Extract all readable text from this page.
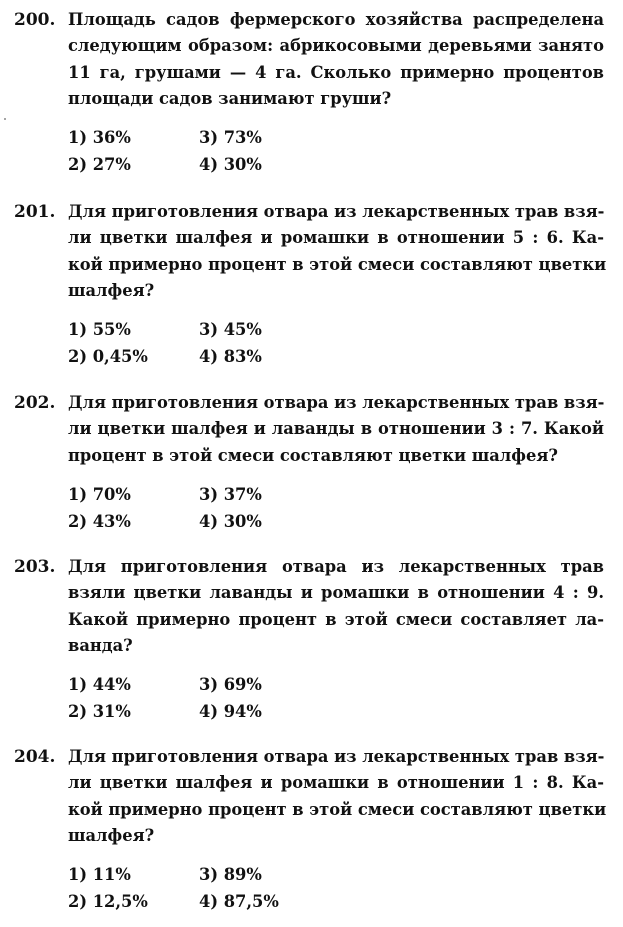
200. Площадь садов фермерского хозяйства распределена
следующим образом: абрикосовыми деревьями занято
11 га, грушами — 4 га. Сколько примерно процентов
площади садов занимают груши?
1) 36%	3) 73%
2) 27%	4) 30%
201. Для приготовления отвара из лекарственных трав взя-
ли цветки шалфея и ромашки в отношении 5 : 6. Ка-
кой примерно процент в этой смеси составляют цветки
шалфея?
1) 55%	3) 45%
2) 0,45%	4) 83%
202. Для приготовления отвара из лекарственных трав взя-
ли цветки шалфея и лаванды в отношении 3 : 7. Какой
процент в этой смеси составляют цветки шалфея?
1) 70%	3) 37%
2) 43%	4) 30%
203. Для приготовления отвара из лекарственных трав
взяли цветки лаванды и ромашки в отношении 4 : 9.
Какой примерно процент в этой смеси составляет ла-
ванда?
1) 44%	3) 69%
2) 31%	4) 94%
204. Для приготовления отвара из лекарственных трав взя-
ли цветки шалфея и ромашки в отношении 1 : 8. Ка-
кой примерно процент в этой смеси составляют цветки
шалфея?
1) 11%	3) 89%
2) 12,5%	4) 87,5%
